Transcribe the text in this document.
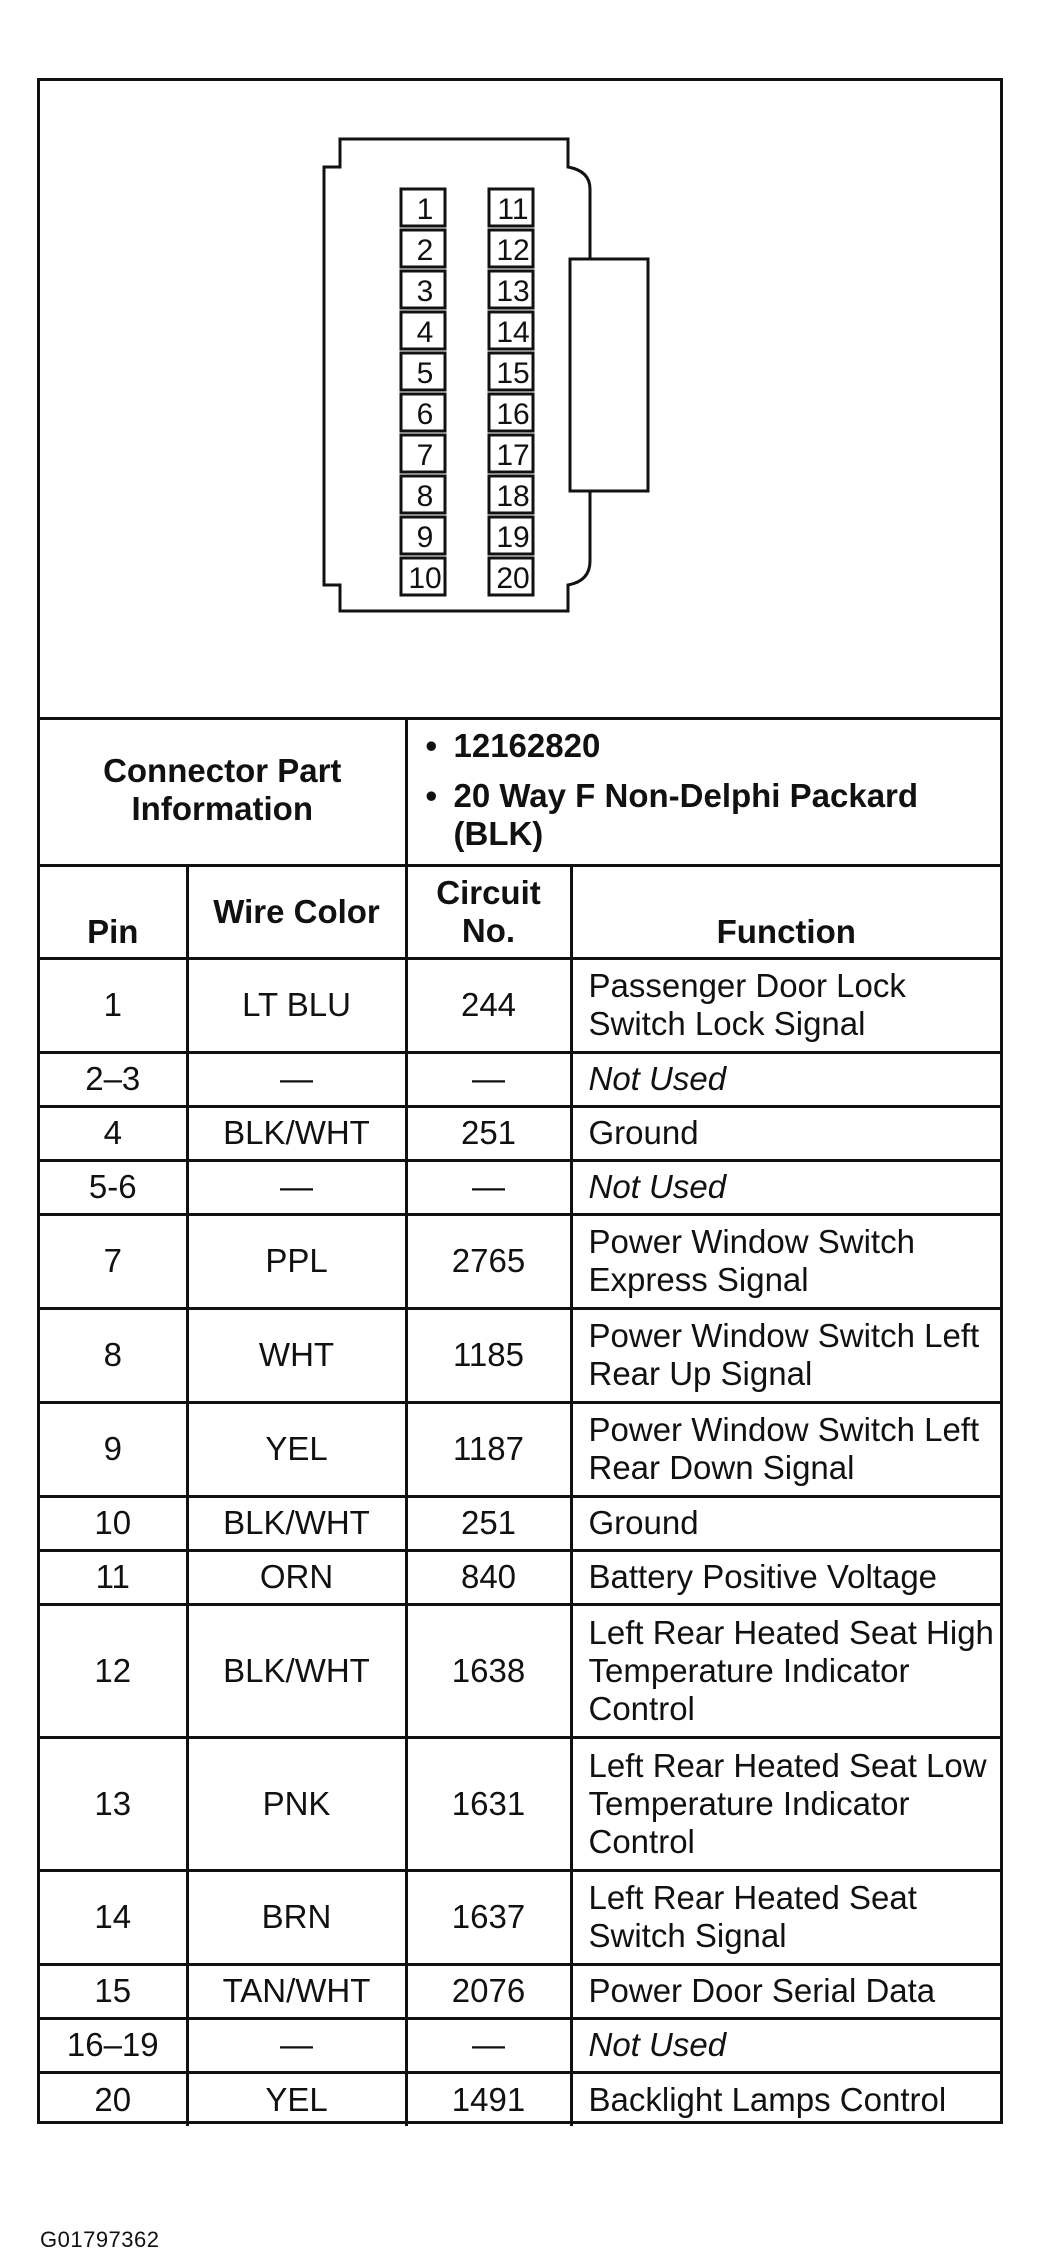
1
2
3
4
5
6
7
8
9
10
11
12
13
14
15
16
17
18
19
20
Connector Part Information		• 12162820
• 20 Way F Non-Delphi Packard (BLK)	

Pin	Wire Color	Circuit No.	Function
1	LT BLU	244	Passenger Door Lock Switch Lock Signal
2–3	—	—	Not Used
4	BLK/WHT	251	Ground
5-6	—	—	Not Used
7	PPL	2765	Power Window Switch Express Signal
8	WHT	1185	Power Window Switch Left Rear Up Signal
9	YEL	1187	Power Window Switch Left Rear Down Signal
10	BLK/WHT	251	Ground
11	ORN	840	Battery Positive Voltage
12	BLK/WHT	1638	Left Rear Heated Seat High Temperature Indicator Control
13	PNK	1631	Left Rear Heated Seat Low Temperature Indicator Control
14	BRN	1637	Left Rear Heated Seat Switch Signal
15	TAN/WHT	2076	Power Door Serial Data
16–19	—	—	Not Used
20	YEL	1491	Backlight Lamps Control
G01797362
